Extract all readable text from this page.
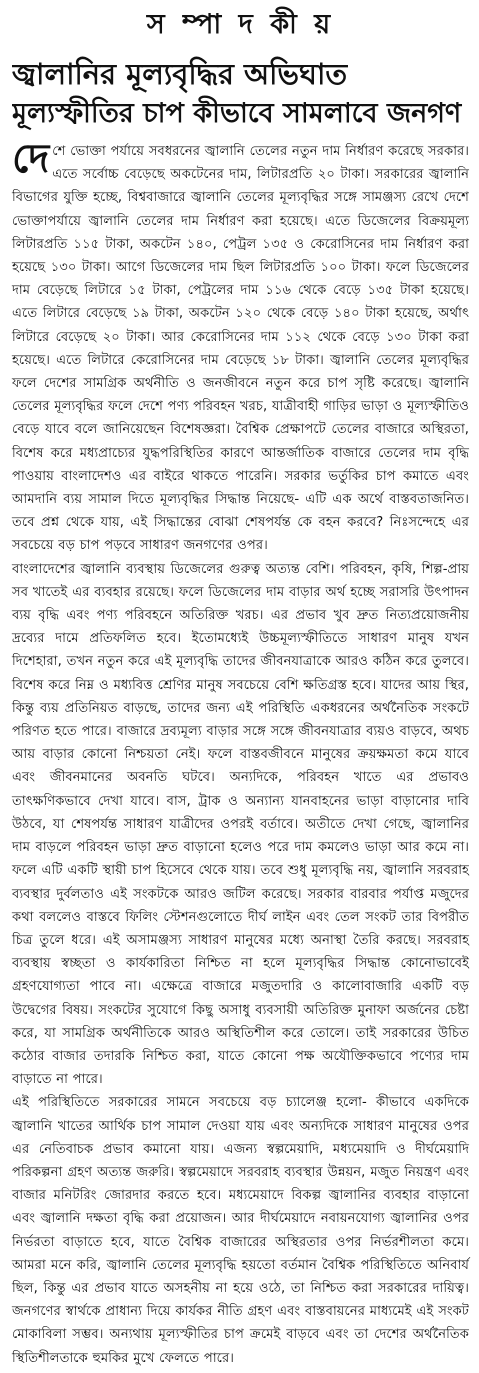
স ম্পা দ কী য়
জ্বালানির মূল্যবৃদ্ধির অভিঘাত
মূল্যস্ফীতির চাপ কীভাবে সামলাবে জনগণ

দেশে ভোক্তা পর্যায়ে সবধরনের জ্বালানি তেলের নতুন দাম নির্ধারণ করেছে সরকার। এতে সর্বোচ্চ বেড়েছে অকটেনের দাম, লিটারপ্রতি ২০ টাকা। সরকারের জ্বালানি বিভাগের যুক্তি হচ্ছে, বিশ্ববাজারে জ্বালানি তেলের মূল্যবৃদ্ধির সঙ্গে সামঞ্জস্য রেখে দেশে ভোক্তাপর্যায়ে জ্বালানি তেলের দাম নির্ধারণ করা হয়েছে। এতে ডিজেলের বিক্রয়মূল্য লিটারপ্রতি ১১৫ টাকা, অকটেন ১৪০, পেট্রল ১৩৫ ও কেরোসিনের দাম নির্ধারণ করা হয়েছে ১৩০ টাকা। আগে ডিজেলের দাম ছিল লিটারপ্রতি ১০০ টাকা। ফলে ডিজেলের দাম বেড়েছে লিটারে ১৫ টাকা, পেট্রলের দাম ১১৬ থেকে বেড়ে ১৩৫ টাকা হয়েছে। এতে লিটারে বেড়েছে ১৯ টাকা, অকটেন ১২০ থেকে বেড়ে ১৪০ টাকা হয়েছে, অর্থাৎ লিটারে বেড়েছে ২০ টাকা। আর কেরোসিনের দাম ১১২ থেকে বেড়ে ১৩০ টাকা করা হয়েছে। এতে লিটারে কেরোসিনের দাম বেড়েছে ১৮ টাকা। জ্বালানি তেলের মূল্যবৃদ্ধির ফলে দেশের সামগ্রিক অর্থনীতি ও জনজীবনে নতুন করে চাপ সৃষ্টি করেছে। জ্বালানি তেলের মূল্যবৃদ্ধির ফলে দেশে পণ্য পরিবহন খরচ, যাত্রীবাহী গাড়ির ভাড়া ও মূল্যস্ফীতিও বেড়ে যাবে বলে জানিয়েছেন বিশেষজ্ঞরা। বৈশ্বিক প্রেক্ষাপটে তেলের বাজারে অস্থিরতা, বিশেষ করে মধ্যপ্রাচ্যের যুদ্ধপরিস্থিতির কারণে আন্তর্জাতিক বাজারে তেলের দাম বৃদ্ধি পাওয়ায় বাংলাদেশও এর বাইরে থাকতে পারেনি। সরকার ভর্তুকির চাপ কমাতে এবং আমদানি ব্যয় সামাল দিতে মূল্যবৃদ্ধির সিদ্ধান্ত নিয়েছে- এটি এক অর্থে বাস্তবতাজনিত। তবে প্রশ্ন থেকে যায়, এই সিদ্ধান্তের বোঝা শেষপর্যন্ত কে বহন করবে? নিঃসন্দেহে এর সবচেয়ে বড় চাপ পড়বে সাধারণ জনগণের ওপর।

বাংলাদেশের জ্বালানি ব্যবস্থায় ডিজেলের গুরুত্ব অত্যন্ত বেশি। পরিবহন, কৃষি, শিল্প-প্রায় সব খাতেই এর ব্যবহার রয়েছে। ফলে ডিজেলের দাম বাড়ার অর্থ হচ্ছে সরাসরি উৎপাদন ব্যয় বৃদ্ধি এবং পণ্য পরিবহনে অতিরিক্ত খরচ। এর প্রভাব খুব দ্রুত নিত্যপ্রয়োজনীয় দ্রব্যের দামে প্রতিফলিত হবে। ইতোমধ্যেই উচ্চমূল্যস্ফীতিতে সাধারণ মানুষ যখন দিশেহারা, তখন নতুন করে এই মূল্যবৃদ্ধি তাদের জীবনযাত্রাকে আরও কঠিন করে তুলবে। বিশেষ করে নিম্ন ও মধ্যবিত্ত শ্রেণির মানুষ সবচেয়ে বেশি ক্ষতিগ্রস্ত হবে। যাদের আয় স্থির, কিন্তু ব্যয় প্রতিনিয়ত বাড়ছে, তাদের জন্য এই পরিস্থিতি একধরনের অর্থনৈতিক সংকটে পরিণত হতে পারে। বাজারে দ্রব্যমূল্য বাড়ার সঙ্গে সঙ্গে জীবনযাত্রার ব্যয়ও বাড়বে, অথচ আয় বাড়ার কোনো নিশ্চয়তা নেই। ফলে বাস্তবজীবনে মানুষের ক্রয়ক্ষমতা কমে যাবে এবং জীবনমানের অবনতি ঘটবে। অন্যদিকে, পরিবহন খাতে এর প্রভাবও তাৎক্ষণিকভাবে দেখা যাবে। বাস, ট্রাক ও অন্যান্য যানবাহনের ভাড়া বাড়ানোর দাবি উঠবে, যা শেষপর্যন্ত সাধারণ যাত্রীদের ওপরই বর্তাবে। অতীতে দেখা গেছে, জ্বালানির দাম বাড়লে পরিবহন ভাড়া দ্রুত বাড়ানো হলেও পরে দাম কমলেও ভাড়া আর কমে না। ফলে এটি একটি স্থায়ী চাপ হিসেবে থেকে যায়। তবে শুধু মূল্যবৃদ্ধি নয়, জ্বালানি সরবরাহ ব্যবস্থার দুর্বলতাও এই সংকটকে আরও জটিল করেছে। সরকার বারবার পর্যাপ্ত মজুদের কথা বললেও বাস্তবে ফিলিং স্টেশনগুলোতে দীর্ঘ লাইন এবং তেল সংকট তার বিপরীত চিত্র তুলে ধরে। এই অসামঞ্জস্য সাধারণ মানুষের মধ্যে অনাস্থা তৈরি করছে। সরবরাহ ব্যবস্থায় স্বচ্ছতা ও কার্যকারিতা নিশ্চিত না হলে মূল্যবৃদ্ধির সিদ্ধান্ত কোনোভাবেই গ্রহণযোগ্যতা পাবে না। এক্ষেত্রে বাজারে মজুতদারি ও কালোবাজারি একটি বড় উদ্বেগের বিষয়। সংকটের সুযোগে কিছু অসাধু ব্যবসায়ী অতিরিক্ত মুনাফা অর্জনের চেষ্টা করে, যা সামগ্রিক অর্থনীতিকে আরও অস্থিতিশীল করে তোলে। তাই সরকারের উচিত কঠোর বাজার তদারকি নিশ্চিত করা, যাতে কোনো পক্ষ অযৌক্তিকভাবে পণ্যের দাম বাড়াতে না পারে।

এই পরিস্থিতিতে সরকারের সামনে সবচেয়ে বড় চ্যালেঞ্জ হলো- কীভাবে একদিকে জ্বালানি খাতের আর্থিক চাপ সামাল দেওয়া যায় এবং অন্যদিকে সাধারণ মানুষের ওপর এর নেতিবাচক প্রভাব কমানো যায়। এজন্য স্বল্পমেয়াদি, মধ্যমেয়াদি ও দীর্ঘমেয়াদি পরিকল্পনা গ্রহণ অত্যন্ত জরুরি। স্বল্পমেয়াদে সরবরাহ ব্যবস্থার উন্নয়ন, মজুত নিয়ন্ত্রণ এবং বাজার মনিটরিং জোরদার করতে হবে। মধ্যমেয়াদে বিকল্প জ্বালানির ব্যবহার বাড়ানো এবং জ্বালানি দক্ষতা বৃদ্ধি করা প্রয়োজন। আর দীর্ঘমেয়াদে নবায়নযোগ্য জ্বালানির ওপর নির্ভরতা বাড়াতে হবে, যাতে বৈশ্বিক বাজারের অস্থিরতার ওপর নির্ভরশীলতা কমে। আমরা মনে করি, জ্বালানি তেলের মূল্যবৃদ্ধি হয়তো বর্তমান বৈশ্বিক পরিস্থিতিতে অনিবার্য ছিল, কিন্তু এর প্রভাব যাতে অসহনীয় না হয়ে ওঠে, তা নিশ্চিত করা সরকারের দায়িত্ব। জনগণের স্বার্থকে প্রাধান্য দিয়ে কার্যকর নীতি গ্রহণ এবং বাস্তবায়নের মাধ্যমেই এই সংকট মোকাবিলা সম্ভব। অন্যথায় মূল্যস্ফীতির চাপ ক্রমেই বাড়বে এবং তা দেশের অর্থনৈতিক স্থিতিশীলতাকে হুমকির মুখে ফেলতে পারে।
